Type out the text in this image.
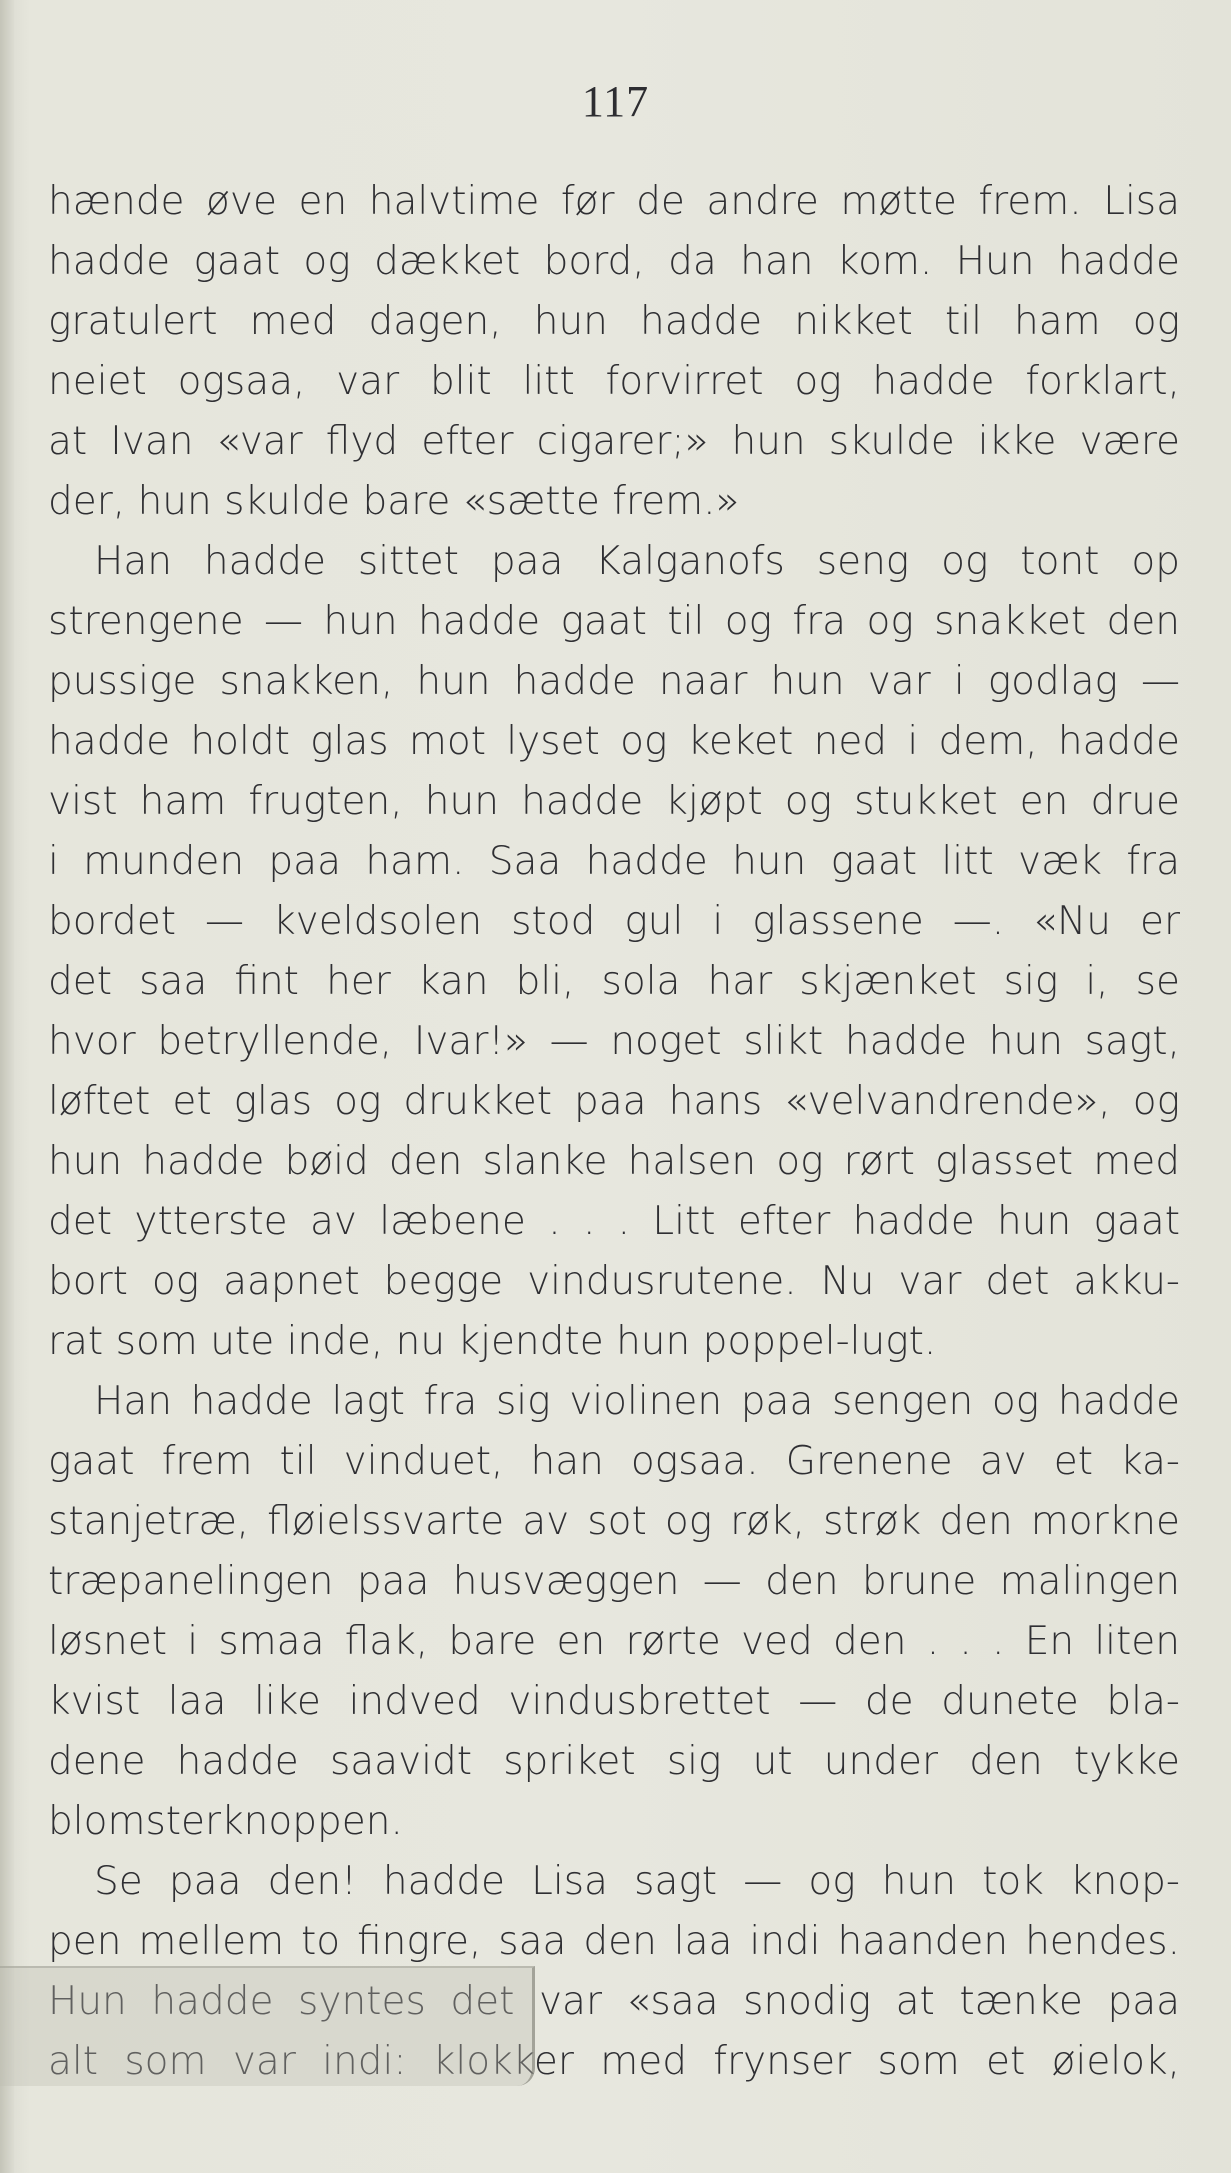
117
hænde øve en halvtime før de andre møtte frem. Lisa
hadde gaat og dækket bord, da han kom. Hun hadde
gratulert med dagen, hun hadde nikket til ham og
neiet ogsaa, var blit litt forvirret og hadde forklart,
at Ivan «var flyd efter cigarer;» hun skulde ikke være
der, hun skulde bare «sætte frem.»
Han hadde sittet paa Kalganofs seng og tont op
strengene — hun hadde gaat til og fra og snakket den
pussige snakken, hun hadde naar hun var i godlag —
hadde holdt glas mot lyset og keket ned i dem, hadde
vist ham frugten, hun hadde kjøpt og stukket en drue
i munden paa ham. Saa hadde hun gaat litt væk fra
bordet — kveldsolen stod gul i glassene —. «Nu er
det saa fint her kan bli, sola har skjænket sig i, se
hvor betryllende, Ivar!» — noget slikt hadde hun sagt,
løftet et glas og drukket paa hans «velvandrende», og
hun hadde bøid den slanke halsen og rørt glasset med
det ytterste av læbene . . . Litt efter hadde hun gaat
bort og aapnet begge vindusrutene. Nu var det akku-
rat som ute inde, nu kjendte hun poppel-lugt.
Han hadde lagt fra sig violinen paa sengen og hadde
gaat frem til vinduet, han ogsaa. Grenene av et ka-
stanjetræ, fløielssvarte av sot og røk, strøk den morkne
træpanelingen paa husvæggen — den brune malingen
løsnet i smaa flak, bare en rørte ved den . . . En liten
kvist laa like indved vindusbrettet — de dunete bla-
dene hadde saavidt spriket sig ut under den tykke
blomsterknoppen.
Se paa den! hadde Lisa sagt — og hun tok knop-
pen mellem to fingre, saa den laa indi haanden hendes.
Hun hadde syntes det var «saa snodig at tænke paa
alt som var indi: klokker med frynser som et øielok,
